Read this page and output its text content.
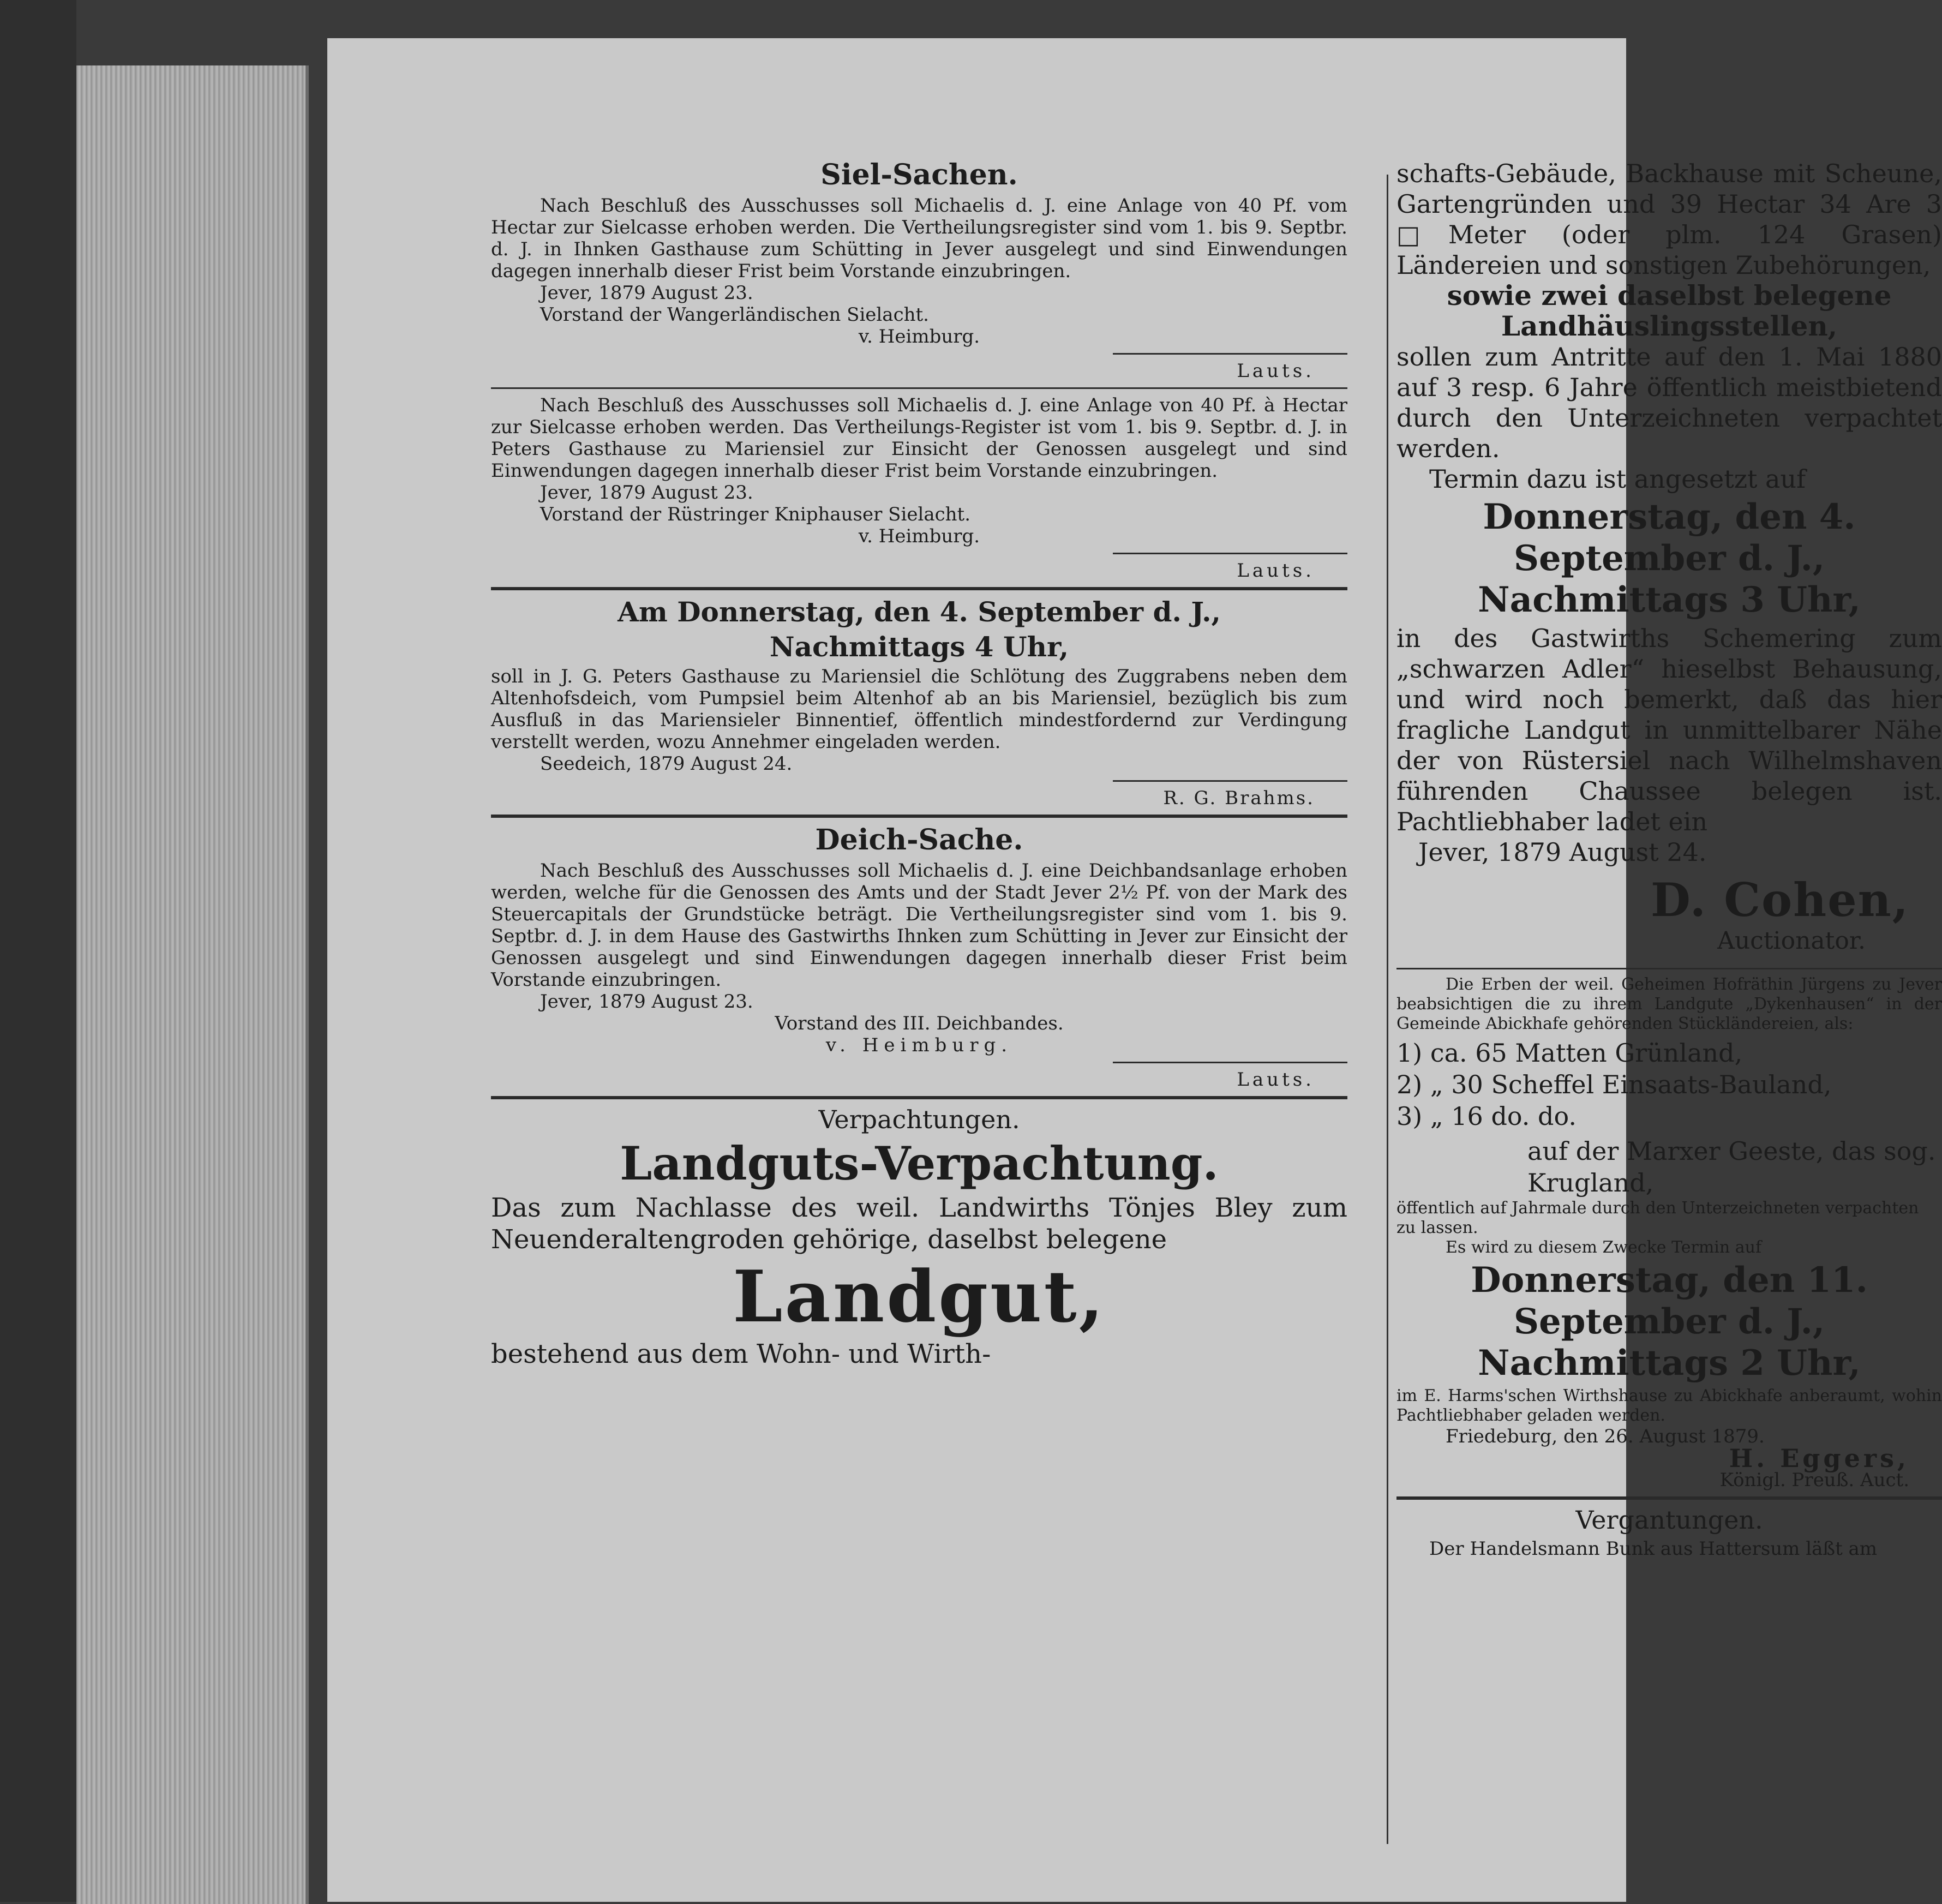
Siel-Sachen.

Nach Beschluß des Ausschusses soll Michaelis d. J. eine Anlage von 40 Pf. vom Hectar zur Sielcasse erhoben werden. Die Vertheilungsregister sind vom 1. bis 9. Septbr. d. J. in Ihnken Gasthause zum Schütting in Jever ausgelegt und sind Einwendungen dagegen innerhalb dieser Frist beim Vorstande einzubringen.

Jever, 1879 August 23.

Vorstand der Wangerländischen Sielacht.

v. Heimburg.

Lauts.

Nach Beschluß des Ausschusses soll Michaelis d. J. eine Anlage von 40 Pf. à Hectar zur Sielcasse erhoben werden. Das Vertheilungs-Register ist vom 1. bis 9. Septbr. d. J. in Peters Gasthause zu Mariensiel zur Einsicht der Genossen ausgelegt und sind Einwendungen dagegen innerhalb dieser Frist beim Vorstande einzubringen.

Jever, 1879 August 23.

Vorstand der Rüstringer Kniphauser Sielacht.

v. Heimburg.

Lauts.

Am Donnerstag, den 4. September d. J.,

Nachmittags 4 Uhr,

soll in J. G. Peters Gasthause zu Mariensiel die Schlötung des Zuggrabens neben dem Altenhofsdeich, vom Pumpsiel beim Altenhof ab an bis Mariensiel, bezüglich bis zum Ausfluß in das Mariensieler Binnentief, öffentlich mindestfordernd zur Verdingung verstellt werden, wozu Annehmer eingeladen werden.

Seedeich, 1879 August 24.

R. G. Brahms.

Deich-Sache.

Nach Beschluß des Ausschusses soll Michaelis d. J. eine Deichbandsanlage erhoben werden, welche für die Genossen des Amts und der Stadt Jever 2½ Pf. von der Mark des Steuercapitals der Grundstücke beträgt. Die Vertheilungsregister sind vom 1. bis 9. Septbr. d. J. in dem Hause des Gastwirths Ihnken zum Schütting in Jever zur Einsicht der Genossen ausgelegt und sind Einwendungen dagegen innerhalb dieser Frist beim Vorstande einzubringen.

Jever, 1879 August 23.

Vorstand des III. Deichbandes.

v. Heimburg.

Lauts.

Verpachtungen.

Landguts-Verpachtung.

Das zum Nachlasse des weil. Landwirths Tönjes Bley zum Neuenderaltengroden gehörige, daselbst belegene

Landgut,

bestehend aus dem Wohn- und Wirth-

schafts-Gebäude, Backhause mit Scheune, Gartengründen und 39 Hectar 34 Are 3 □Meter (oder plm. 124 Grasen) Ländereien und sonstigen Zubehörungen,

sowie zwei daselbst belegene Landhäuslingsstellen,

sollen zum Antritte auf den 1. Mai 1880 auf 3 resp. 6 Jahre öffentlich meistbietend durch den Unterzeichneten verpachtet werden.

Termin dazu ist angesetzt auf

Donnerstag, den 4. September d. J., Nachmittags 3 Uhr,

in des Gastwirths Schemering zum „schwarzen Adler“ hieselbst Behausung, und wird noch bemerkt, daß das hier fragliche Landgut in unmittelbarer Nähe der von Rüstersiel nach Wilhelmshaven führenden Chaussee belegen ist. Pachtliebhaber ladet ein

Jever, 1879 August 24.

D. Cohen,

Auctionator.

Die Erben der weil. Geheimen Hofräthin Jürgens zu Jever beabsichtigen die zu ihrem Landgute „Dykenhausen“ in der Gemeinde Abickhafe gehörenden Stückländereien, als:

1) ca. 65 Matten Grünland,
2) „ 30 Scheffel Einsaats-Bauland,
3) „ 16 do. do.

auf der Marxer Geeste, das sog. Krugland,

öffentlich auf Jahrmale durch den Unterzeichneten verpachten zu lassen.

Es wird zu diesem Zwecke Termin auf

Donnerstag, den 11. September d. J., Nachmittags 2 Uhr,

im E. Harms'schen Wirthshause zu Abickhafe anberaumt, wohin Pachtliebhaber geladen werden.

Friedeburg, den 26. August 1879.

H. Eggers,

Königl. Preuß. Auct.

Vergantungen.

Der Handelsmann Bunk aus Hattersum läßt am
